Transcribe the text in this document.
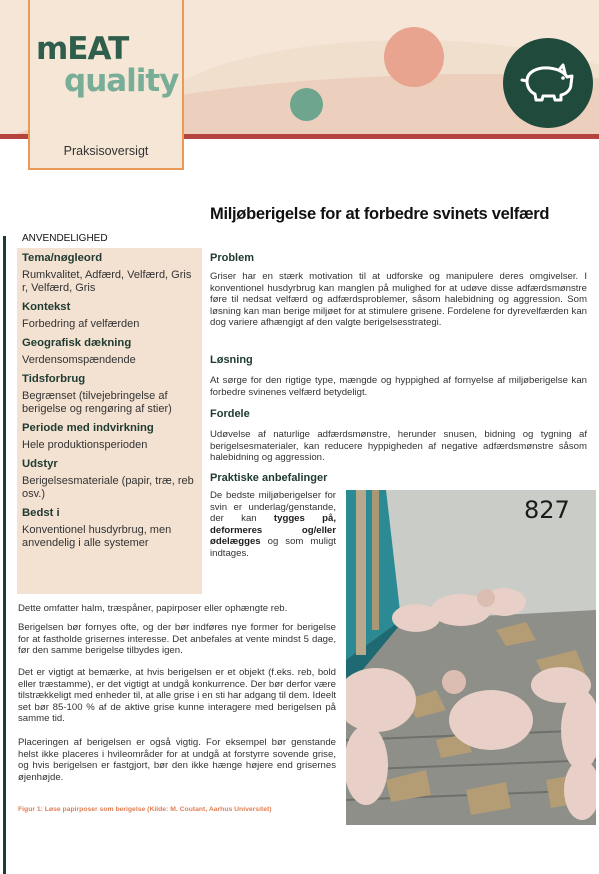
mEAT
quality
Praksisoversigt
Miljøberigelse for at forbedre svinets velfærd
ANVENDELIGHED
Tema/nøgleord
Rumkvalitet, Adfærd, Velfærd, Gris r, Velfærd, Gris
Kontekst
Forbedring af velfærden
Geografisk dækning
Verdensomspændende
Tidsforbrug
Begrænset (tilvejebringelse af berigelse og rengøring af stier)
Periode med indvirkning
Hele produktionsperioden
Udstyr
Berigelsesmateriale (papir, træ, reb osv.)
Bedst i
Konventionel husdyrbrug, men anvendelig i alle systemer
Problem

Griser har en stærk motivation til at udforske og manipulere deres omgivelser. I konventionel husdyrbrug kan manglen på mulighed for at udøve disse adfærdsmønstre føre til nedsat velfærd og adfærdsproblemer, såsom halebidning og aggression. Som løsning kan man berige miljøet for at stimulere grisene. Fordelene for dyrevelfærden kan dog variere afhængigt af den valgte berigelsesstrategi.

Løsning

At sørge for den rigtige type, mængde og hyppighed af fornyelse af miljøberigelse kan forbedre svinenes velfærd betydeligt.

Fordele

Udøvelse af naturlige adfærdsmønstre, herunder snusen, bidning og tygning af berigelsesmaterialer, kan reducere hyppigheden af negative adfærdsmønstre såsom halebidning og aggression.

Praktiske anbefalinger

De bedste miljøberigelser for svin er underlag/genstande, der kan tygges på, deformeres og/eller ødelægges og som muligt indtages.

Dette omfatter halm, træspåner, papirposer eller ophængte reb.

Berigelsen bør fornyes ofte, og der bør indføres nye former for berigelse for at fastholde grisernes interesse. Det anbefales at vente mindst 5 dage, før den samme berigelse tilbydes igen.

Det er vigtigt at bemærke, at hvis berigelsen er et objekt (f.eks. reb, bold eller træstamme), er det vigtigt at undgå konkurrence. Der bør derfor være tilstrækkeligt med enheder til, at alle grise i en sti har adgang til dem. Ideelt set bør 85-100 % af de aktive grise kunne interagere med berigelsen på samme tid.

Placeringen af berigelsen er også vigtig. For eksempel bør genstande helst ikke placeres i hvileområder for at undgå at forstyrre sovende grise, og hvis berigelsen er fastgjort, bør den ikke hænge højere end grisernes øjenhøjde.

827
Figur 1: Løse papirposer som berigelse (Kilde: M. Coutant, Aarhus Universitet)
